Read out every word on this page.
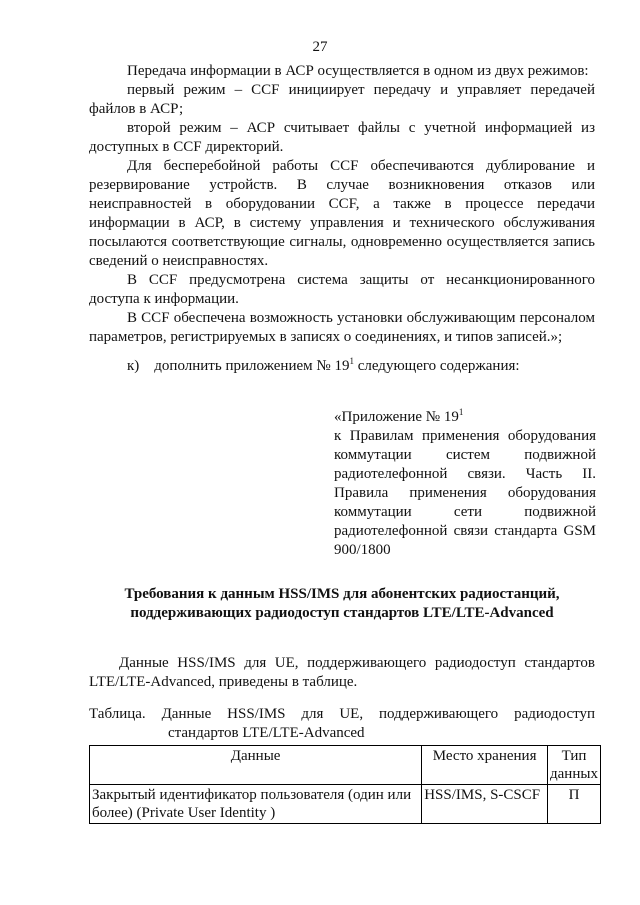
27

Передача информации в АСР осуществляется в одном из двух режимов:

первый режим – CCF инициирует передачу и управляет передачей файлов в АСР;

второй режим – АСР считывает файлы с учетной информацией из доступных в CCF директорий.

Для бесперебойной работы CCF обеспечиваются дублирование и резервирование устройств. В случае возникновения отказов или неисправностей в оборудовании CCF, а также в процессе передачи информации в АСР, в систему управления и технического обслуживания посылаются соответствующие сигналы, одновременно осуществляется запись сведений о неисправностях.

В CCF предусмотрена система защиты от несанкционированного доступа к информации.

В CCF обеспечена возможность установки обслуживающим персоналом параметров, регистрируемых в записях о соединениях, и типов записей.»;

к) дополнить приложением № $19^1$ следующего содержания:

«Приложение № $19^1$

к Правилам применения оборудования коммутации систем подвижной радиотелефонной связи. Часть II. Правила применения оборудования коммутации сети подвижной радиотелефонной связи стандарта GSM 900/1800

Требования к данным HSS/IMS для абонентских радиостанций,
поддерживающих радиодоступ стандартов LTE/LTE-Advanced

Данные HSS/IMS для UE, поддерживающего радиодоступ стандартов LTE/LTE-Advanced, приведены в таблице.

Таблица. Данные HSS/IMS для UE, поддерживающего радиодоступ
стандартов LTE/LTE-Advanced
Данные	Место хранения	Тип данных
Закрытый идентификатор пользователя (один или более) (Private User Identity )	HSS/IMS, S-CSCF	П
